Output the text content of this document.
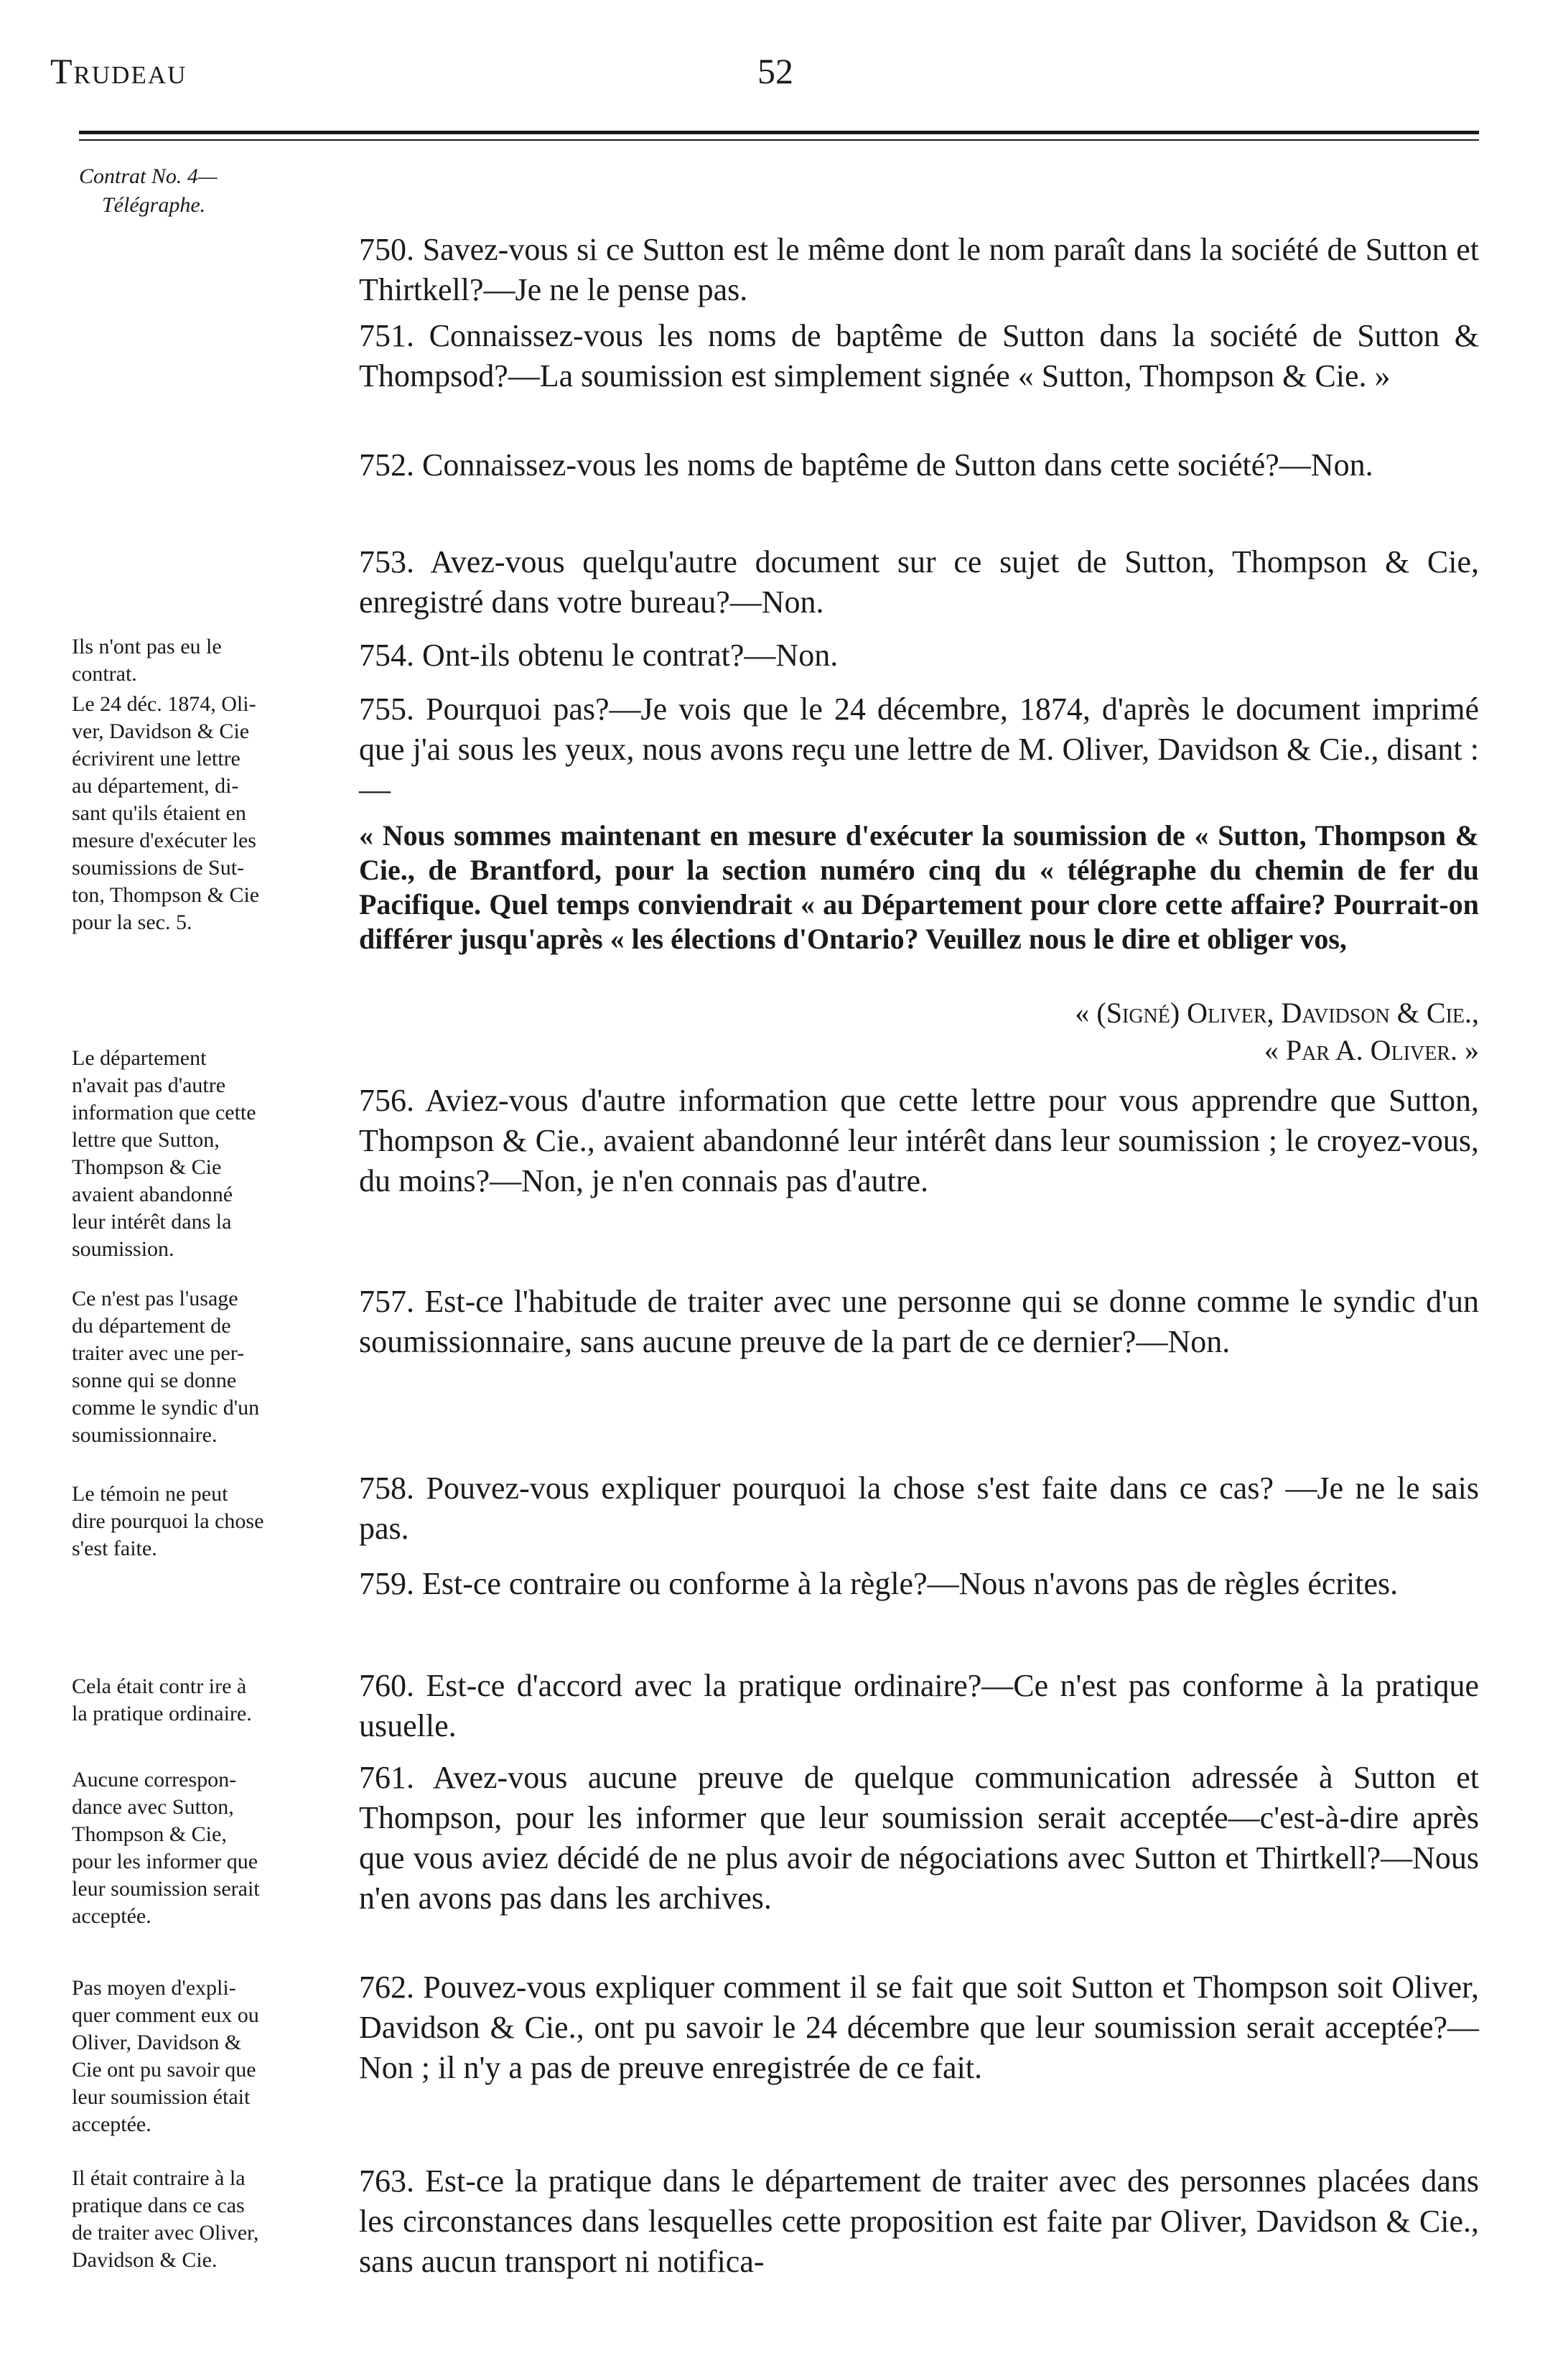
Trudeau	52
Contrat No. 4—
Télégraphe.
750. Savez-vous si ce Sutton est le même dont le nom paraît dans la société de Sutton et Thirtkell?—Je ne le pense pas.
751. Connaissez-vous les noms de baptême de Sutton dans la société de Sutton & Thompsod?—La soumission est simplement signée « Sutton, Thompson & Cie. »
752. Connaissez-vous les noms de baptême de Sutton dans cette société?—Non.
753. Avez-vous quelqu'autre document sur ce sujet de Sutton, Thompson & Cie, enregistré dans votre bureau?—Non.
Ils n'ont pas eu le
contrat.
754. Ont-ils obtenu le contrat?—Non.
Le 24 déc. 1874, Oli-
ver, Davidson & Cie
écrivirent une lettre
au département, di-
sant qu'ils étaient en
mesure d'exécuter les
soumissions de Sut-
ton, Thompson & Cie
pour la sec. 5.
755. Pourquoi pas?—Je vois que le 24 décembre, 1874, d'après le document imprimé que j'ai sous les yeux, nous avons reçu une lettre de M. Oliver, Davidson & Cie., disant :—
« Nous sommes maintenant en mesure d'exécuter la soumission de « Sutton, Thompson & Cie., de Brantford, pour la section numéro cinq du « télégraphe du chemin de fer du Pacifique. Quel temps conviendrait « au Département pour clore cette affaire? Pourrait-on différer jusqu'après « les élections d'Ontario? Veuillez nous le dire et obliger vos,
« (Signé) Oliver, Davidson & Cie.,
« Par A. Oliver. »
Le département
n'avait pas d'autre
information que cette
lettre que Sutton,
Thompson & Cie
avaient abandonné
leur intérêt dans la
soumission.
756. Aviez-vous d'autre information que cette lettre pour vous apprendre que Sutton, Thompson & Cie., avaient abandonné leur intérêt dans leur soumission ; le croyez-vous, du moins?—Non, je n'en connais pas d'autre.
Ce n'est pas l'usage
du département de
traiter avec une per-
sonne qui se donne
comme le syndic d'un
soumissionnaire.
757. Est-ce l'habitude de traiter avec une personne qui se donne comme le syndic d'un soumissionnaire, sans aucune preuve de la part de ce dernier?—Non.
Le témoin ne peut
dire pourquoi la chose
s'est faite.
758. Pouvez-vous expliquer pourquoi la chose s'est faite dans ce cas? —Je ne le sais pas.
759. Est-ce contraire ou conforme à la règle?—Nous n'avons pas de règles écrites.
Cela était contr ire à
la pratique ordinaire.
760. Est-ce d'accord avec la pratique ordinaire?—Ce n'est pas conforme à la pratique usuelle.
Aucune correspon-
dance avec Sutton,
Thompson & Cie,
pour les informer que
leur soumission serait
acceptée.
761. Avez-vous aucune preuve de quelque communication adressée à Sutton et Thompson, pour les informer que leur soumission serait acceptée—c'est-à-dire après que vous aviez décidé de ne plus avoir de négociations avec Sutton et Thirtkell?—Nous n'en avons pas dans les archives.
Pas moyen d'expli-
quer comment eux ou
Oliver, Davidson &
Cie ont pu savoir que
leur soumission était
acceptée.
762. Pouvez-vous expliquer comment il se fait que soit Sutton et Thompson soit Oliver, Davidson & Cie., ont pu savoir le 24 décembre que leur soumission serait acceptée?—Non ; il n'y a pas de preuve enregistrée de ce fait.
Il était contraire à la
pratique dans ce cas
de traiter avec Oliver,
Davidson & Cie.
763. Est-ce la pratique dans le département de traiter avec des personnes placées dans les circonstances dans lesquelles cette proposition est faite par Oliver, Davidson & Cie., sans aucun transport ni notifica-
